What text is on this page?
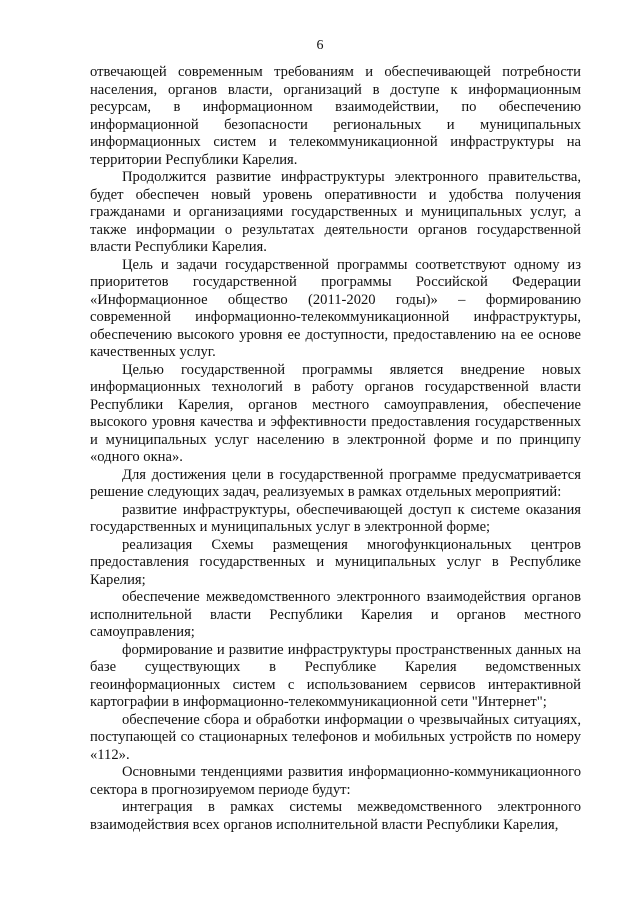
6

отвечающей современным требованиям и обеспечивающей потребности населения, органов власти, организаций в доступе к информационным ресурсам, в информационном взаимодействии, по обеспечению информационной безопасности региональных и муниципальных информационных систем и телекоммуникационной инфраструктуры на территории Республики Карелия.

Продолжится развитие инфраструктуры электронного правительства, будет обеспечен новый уровень оперативности и удобства получения гражданами и организациями государственных и муниципальных услуг, а также информации о результатах деятельности органов государственной власти Республики Карелия.

Цель и задачи государственной программы соответствуют одному из приоритетов государственной программы Российской Федерации «Информационное общество (2011-2020 годы)» – формированию современной информационно-телекоммуникационной инфраструктуры, обеспечению высокого уровня ее доступности, предоставлению на ее основе качественных услуг.

Целью государственной программы является внедрение новых информационных технологий в работу органов государственной власти Республики Карелия, органов местного самоуправления, обеспечение высокого уровня качества и эффективности предоставления государственных и муниципальных услуг населению в электронной форме и по принципу «одного окна».

Для достижения цели в государственной программе предусматривается решение следующих задач, реализуемых в рамках отдельных мероприятий:

развитие инфраструктуры, обеспечивающей доступ к системе оказания государственных и муниципальных услуг в электронной форме;

реализация Схемы размещения многофункциональных центров предоставления государственных и муниципальных услуг в Республике Карелия;

обеспечение межведомственного электронного взаимодействия органов исполнительной власти Республики Карелия и органов местного самоуправления;

формирование и развитие инфраструктуры пространственных данных на базе существующих в Республике Карелия ведомственных геоинформационных систем с использованием сервисов интерактивной картографии в информационно-телекоммуникационной сети "Интернет";

обеспечение сбора и обработки информации о чрезвычайных ситуациях, поступающей со стационарных телефонов и мобильных устройств по номеру «112».

Основными тенденциями развития информационно-коммуникационного сектора в прогнозируемом периоде будут:

интеграция в рамках системы межведомственного электронного взаимодействия всех органов исполнительной власти Республики Карелия,
